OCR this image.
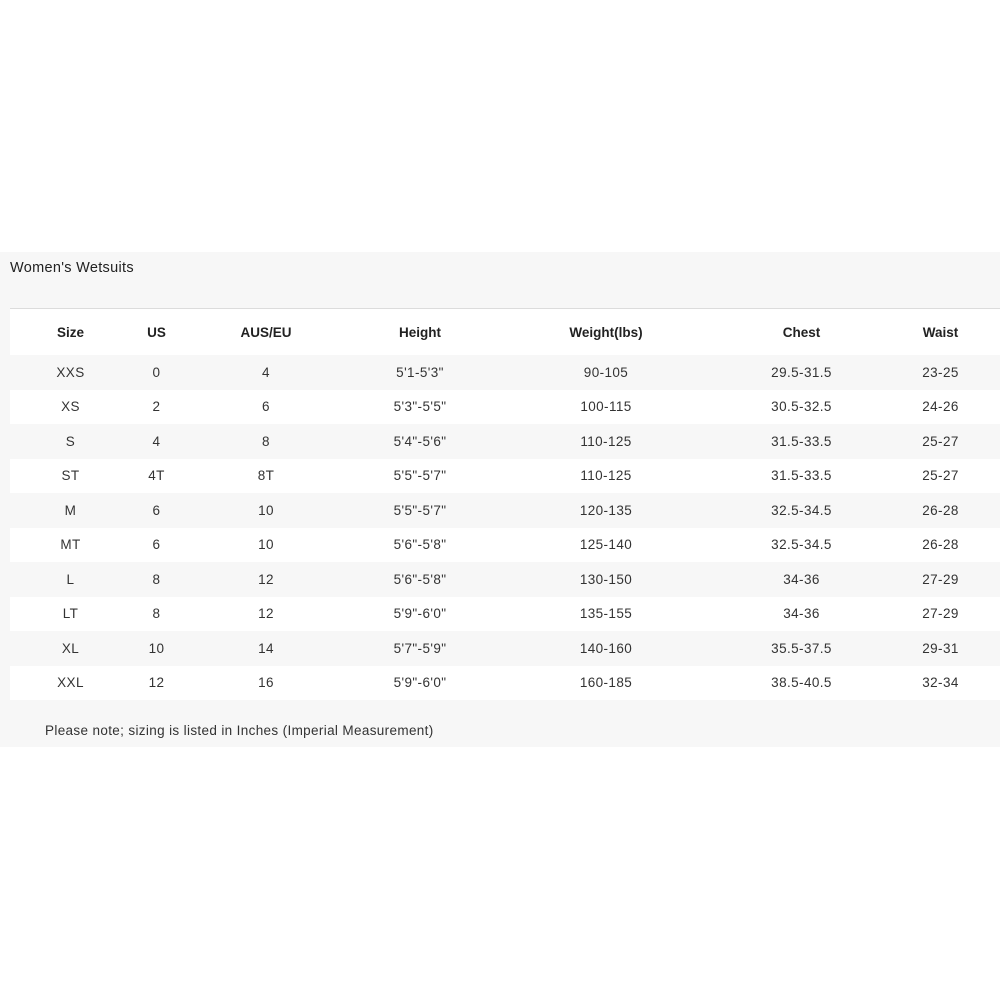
Women's Wetsuits
Size	US	AUS/EU	Height	Weight(lbs)	Chest	Waist
XXS	0	4	5'1-5'3"	90-105	29.5-31.5	23-25
XS	2	6	5'3"-5'5"	100-115	30.5-32.5	24-26
S	4	8	5'4"-5'6"	110-125	31.5-33.5	25-27
ST	4T	8T	5'5"-5'7"	110-125	31.5-33.5	25-27
M	6	10	5'5"-5'7"	120-135	32.5-34.5	26-28
MT	6	10	5'6"-5'8"	125-140	32.5-34.5	26-28
L	8	12	5'6"-5'8"	130-150	34-36	27-29
LT	8	12	5'9"-6'0"	135-155	34-36	27-29
XL	10	14	5'7"-5'9"	140-160	35.5-37.5	29-31
XXL	12	16	5'9"-6'0"	160-185	38.5-40.5	32-34
Please note; sizing is listed in Inches (Imperial Measurement)
